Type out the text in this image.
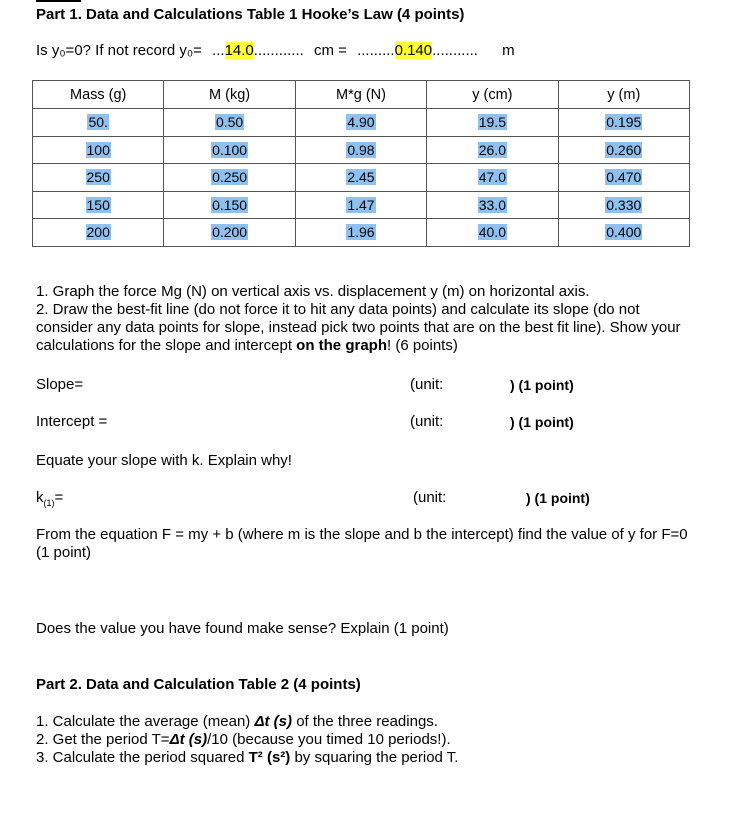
Part 1. Data and Calculations Table 1 Hooke’s Law (4 points)
Is y₀=0? If not record y₀= ...14.0............ cm = .........0.140........... m
Mass (g)	M (kg)	M*g (N)	y (cm)	y (m)
50.	0.50	4.90	19.5	0.195
100	0.100	0.98	26.0	0.260
250	0.250	2.45	47.0	0.470
150	0.150	1.47	33.0	0.330
200	0.200	1.96	40.0	0.400
1. Graph the force Mg (N) on vertical axis vs. displacement y (m) on horizontal axis.
2. Draw the best-fit line (do not force it to hit any data points) and calculate its slope (do not consider any data points for slope, instead pick two points that are on the best fit line). Show your calculations for the slope and intercept on the graph! (6 points)
Slope=	(unit:	) (1 point)
Intercept =	(unit:	) (1 point)
Equate your slope with k. Explain why!
$k_{(1)}=$	(unit:	) (1 point)
From the equation F = my + b (where m is the slope and b the intercept) find the value of y for F=0 (1 point)
Does the value you have found make sense? Explain (1 point)
Part 2. Data and Calculation Table 2 (4 points)
1. Calculate the average (mean) Δt (s) of the three readings.
2. Get the period T=Δt (s)/10 (because you timed 10 periods!).
3. Calculate the period squared T² (s²) by squaring the period T.
